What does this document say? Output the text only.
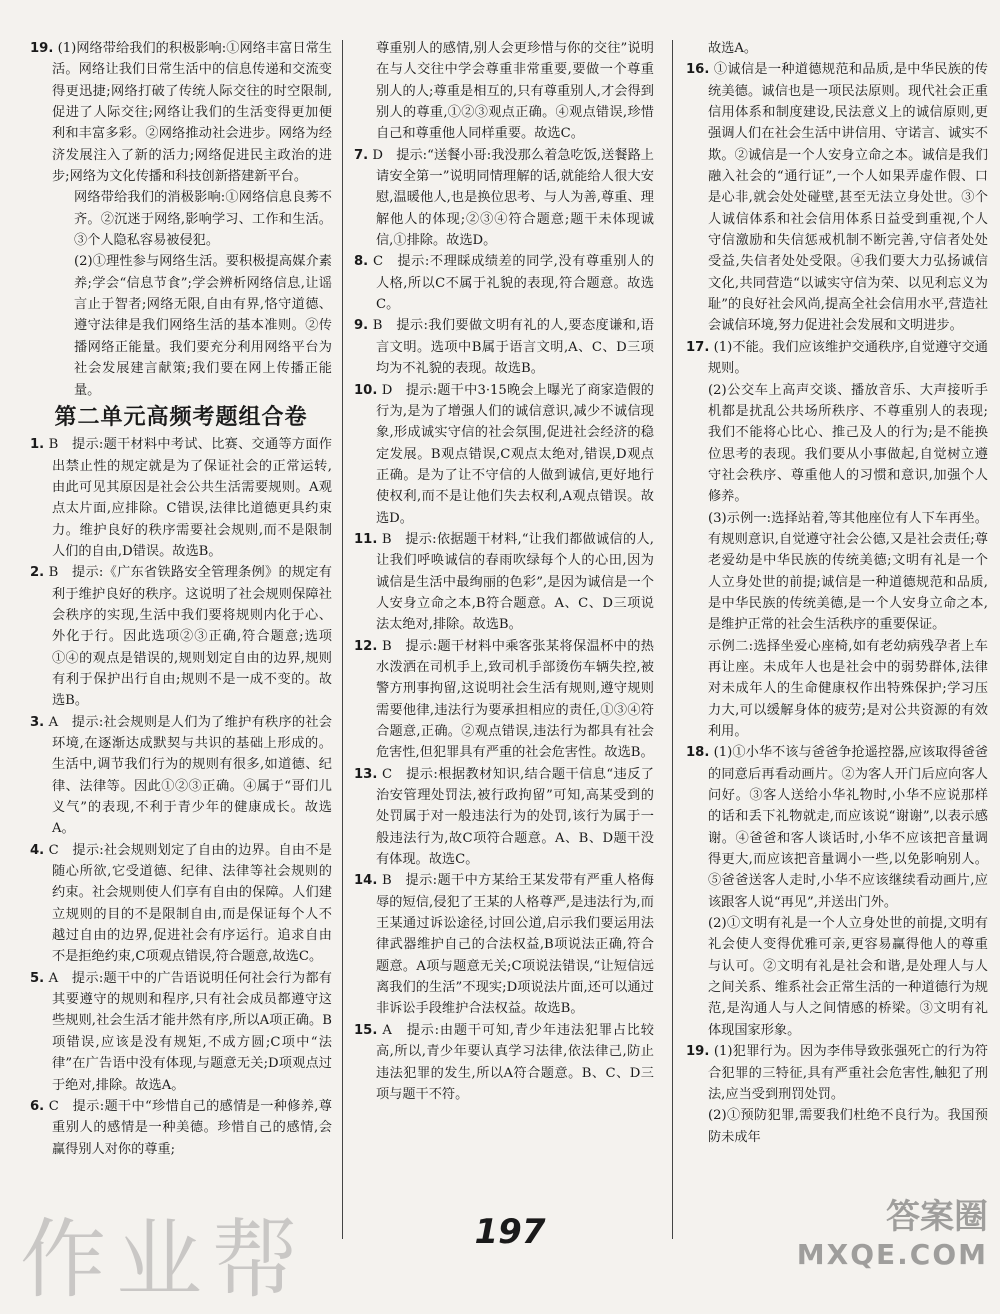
19. (1)网络带给我们的积极影响:①网络丰富日常生活。网络让我们日常生活中的信息传递和交流变得更迅捷;网络打破了传统人际交往的时空限制,促进了人际交往;网络让我们的生活变得更加便利和丰富多彩。②网络推动社会进步。网络为经济发展注入了新的活力;网络促进民主政治的进步;网络为文化传播和科技创新搭建新平台。

网络带给我们的消极影响:①网络信息良莠不齐。②沉迷于网络,影响学习、工作和生活。③个人隐私容易被侵犯。

(2)①理性参与网络生活。要积极提高媒介素养;学会“信息节食”;学会辨析网络信息,让谣言止于智者;网络无限,自由有界,恪守道德、遵守法律是我们网络生活的基本准则。②传播网络正能量。我们要充分利用网络平台为社会发展建言献策;我们要在网上传播正能量。

第二单元高频考题组合卷
1. B　提示:题干材料中考试、比赛、交通等方面作出禁止性的规定就是为了保证社会的正常运转,由此可见其原因是社会公共生活需要规则。A观点太片面,应排除。C错误,法律比道德更具约束力。维护良好的秩序需要社会规则,而不是限制人们的自由,D错误。故选B。
2. B　提示:《广东省铁路安全管理条例》的规定有利于维护良好的秩序。这说明了社会规则保障社会秩序的实现,生活中我们要将规则内化于心、外化于行。因此选项②③正确,符合题意;选项①④的观点是错误的,规则划定自由的边界,规则有利于保护出行自由;规则不是一成不变的。故选B。
3. A　提示:社会规则是人们为了维护有秩序的社会环境,在逐渐达成默契与共识的基础上形成的。生活中,调节我们行为的规则有很多,如道德、纪律、法律等。因此①②③正确。④属于“哥们儿义气”的表现,不利于青少年的健康成长。故选A。
4. C　提示:社会规则划定了自由的边界。自由不是随心所欲,它受道德、纪律、法律等社会规则的约束。社会规则使人们享有自由的保障。人们建立规则的目的不是限制自由,而是保证每个人不越过自由的边界,促进社会有序运行。追求自由不是拒绝约束,C项观点错误,符合题意,故选C。
5. A　提示:题干中的广告语说明任何社会行为都有其要遵守的规则和程序,只有社会成员都遵守这些规则,社会生活才能井然有序,所以A项正确。B项错误,应该是没有规矩,不成方圆;C项中“法律”在广告语中没有体现,与题意无关;D项观点过于绝对,排除。故选A。
6. C　提示:题干中“珍惜自己的感情是一种修养,尊重别人的感情是一种美德。珍惜自己的感情,会赢得别人对你的尊重;
尊重别人的感情,别人会更珍惜与你的交往”说明在与人交往中学会尊重非常重要,要做一个尊重别人的人;尊重是相互的,只有尊重别人,才会得到别人的尊重,①②③观点正确。④观点错误,珍惜自己和尊重他人同样重要。故选C。
7. D　提示:“送餐小哥:我没那么着急吃饭,送餐路上请安全第一”说明同情理解的话,就能给人很大安慰,温暖他人,也是换位思考、与人为善,尊重、理解他人的体现;②③④符合题意;题干未体现诚信,①排除。故选D。
8. C　提示:不理睬成绩差的同学,没有尊重别人的人格,所以C不属于礼貌的表现,符合题意。故选C。
9. B　提示:我们要做文明有礼的人,要态度谦和,语言文明。选项中B属于语言文明,A、C、D三项均为不礼貌的表现。故选B。
10. D　提示:题干中3·15晚会上曝光了商家造假的行为,是为了增强人们的诚信意识,减少不诚信现象,形成诚实守信的社会氛围,促进社会经济的稳定发展。B观点错误,C观点太绝对,错误,D观点正确。是为了让不守信的人做到诚信,更好地行使权利,而不是让他们失去权利,A观点错误。故选D。
11. B　提示:依据题干材料,“让我们都做诚信的人,让我们呼唤诚信的春雨吹绿每个人的心田,因为诚信是生活中最绚丽的色彩”,是因为诚信是一个人安身立命之本,B符合题意。A、C、D三项说法太绝对,排除。故选B。
12. B　提示:题干材料中乘客张某将保温杯中的热水泼洒在司机手上,致司机手部烫伤车辆失控,被警方刑事拘留,这说明社会生活有规则,遵守规则需要他律,违法行为要承担相应的责任,①③④符合题意,正确。②观点错误,违法行为都具有社会危害性,但犯罪具有严重的社会危害性。故选B。
13. C　提示:根据教材知识,结合题干信息“违反了治安管理处罚法,被行政拘留”可知,高某受到的处罚属于对一般违法行为的处罚,该行为属于一般违法行为,故C项符合题意。A、B、D题干没有体现。故选C。
14. B　提示:题干中方某给王某发带有严重人格侮辱的短信,侵犯了王某的人格尊严,是违法行为,而王某通过诉讼途径,讨回公道,启示我们要运用法律武器维护自己的合法权益,B项说法正确,符合题意。A项与题意无关;C项说法错误,“让短信远离我们的生活”不现实;D项说法片面,还可以通过非诉讼手段维护合法权益。故选B。
15. A　提示:由题干可知,青少年违法犯罪占比较高,所以,青少年要认真学习法律,依法律己,防止违法犯罪的发生,所以A符合题意。B、C、D三项与题干不符。
故选A。
16. ①诚信是一种道德规范和品质,是中华民族的传统美德。诚信也是一项民法原则。现代社会正重信用体系和制度建设,民法意义上的诚信原则,更强调人们在社会生活中讲信用、守诺言、诚实不欺。②诚信是一个人安身立命之本。诚信是我们融入社会的“通行证”,一个人如果弄虚作假、口是心非,就会处处碰壁,甚至无法立身处世。③个人诚信体系和社会信用体系日益受到重视,个人守信激励和失信惩戒机制不断完善,守信者处处受益,失信者处处受限。④我们要大力弘扬诚信文化,共同营造“以诚实守信为荣、以见利忘义为耻”的良好社会风尚,提高全社会信用水平,营造社会诚信环境,努力促进社会发展和文明进步。
17. (1)不能。我们应该维护交通秩序,自觉遵守交通规则。
(2)公交车上高声交谈、播放音乐、大声接听手机都是扰乱公共场所秩序、不尊重别人的表现;我们不能将心比心、推己及人的行为;是不能换位思考的表现。我们要从小事做起,自觉树立遵守社会秩序、尊重他人的习惯和意识,加强个人修养。
(3)示例一:选择站着,等其他座位有人下车再坐。有规则意识,自觉遵守社会公德,又是社会责任;尊老爱幼是中华民族的传统美德;文明有礼是一个人立身处世的前提;诚信是一种道德规范和品质,是中华民族的传统美德,是一个人安身立命之本,是维护正常的社会生活秩序的重要保证。
示例二:选择坐爱心座椅,如有老幼病残孕者上车再让座。未成年人也是社会中的弱势群体,法律对未成年人的生命健康权作出特殊保护;学习压力大,可以缓解身体的疲劳;是对公共资源的有效利用。
18. (1)①小华不该与爸爸争抢遥控器,应该取得爸爸的同意后再看动画片。②为客人开门后应向客人问好。③客人送给小华礼物时,小华不应说那样的话和丢下礼物就走,而应该说“谢谢”,以表示感谢。④爸爸和客人谈话时,小华不应该把音量调得更大,而应该把音量调小一些,以免影响别人。⑤爸爸送客人走时,小华不应该继续看动画片,应该跟客人说“再见”,并送出门外。
(2)①文明有礼是一个人立身处世的前提,文明有礼会使人变得优雅可亲,更容易赢得他人的尊重与认可。②文明有礼是社会和谐,是处理人与人之间关系、维系社会正常生活的一种道德行为规范,是沟通人与人之间情感的桥梁。③文明有礼体现国家形象。
19. (1)犯罪行为。因为李伟导致张强死亡的行为符合犯罪的三特征,具有严重社会危害性,触犯了刑法,应当受到刑罚处罚。
(2)①预防犯罪,需要我们杜绝不良行为。我国预防未成年
197
作业帮	答案圈
MXQE.COM
